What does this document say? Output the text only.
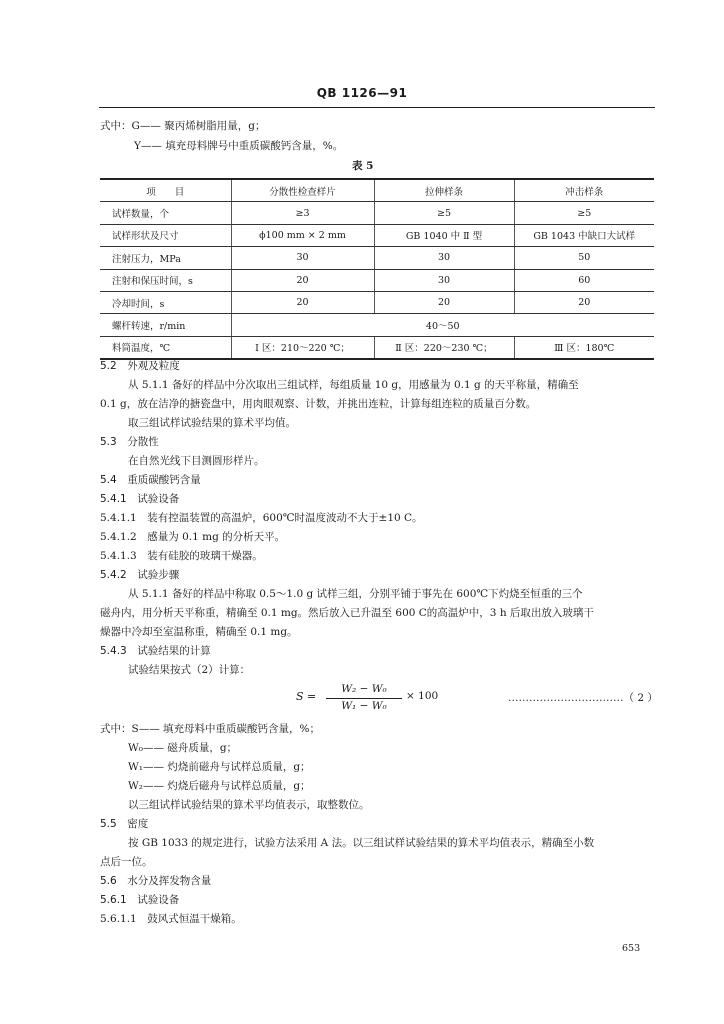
QB 1126—91
式中：G—— 聚丙烯树脂用量，g；
Y—— 填充母料牌号中重质碳酸钙含量，%。
表 5
项　　目	分散性检查样片	拉伸样条	冲击样条
试样数量，个	≥3	≥5	≥5
试样形状及尺寸	ϕ100 mm × 2 mm	GB 1040 中 Ⅱ 型	GB 1043 中缺口大试样
注射压力，MPa	30	30	50
注射和保压时间，s	20	30	60
冷却时间，s	20	20	20
螺杆转速，r/min	40～50		
料筒温度，℃	Ⅰ 区：210～220 ℃；	Ⅱ 区：220～230 ℃；	Ⅲ 区：180℃
5.2　外观及粒度
从 5.1.1 备好的样品中分次取出三组试样，每组质量 10 g，用感量为 0.1 g 的天平称量，精确至
0.1 g，放在洁净的搪瓷盘中，用肉眼观察、计数，并挑出连粒，计算每组连粒的质量百分数。
取三组试样试验结果的算术平均值。
5.3　分散性
在自然光线下目测圆形样片。
5.4　重质碳酸钙含量
5.4.1　试验设备
5.4.1.1　装有控温装置的高温炉，600℃时温度波动不大于±10 C。
5.4.1.2　感量为 0.1 mg 的分析天平。
5.4.1.3　装有硅胶的玻璃干燥器。
5.4.2　试验步骤
从 5.1.1 备好的样品中称取 0.5～1.0 g 试样三组，分别平铺于事先在 600℃下灼烧至恒重的三个
磁舟内，用分析天平称重，精确至 0.1 mg。然后放入已升温至 600 C的高温炉中，3 h 后取出放入玻璃干
燥器中冷却至室温称重，精确至 0.1 mg。
5.4.3　试验结果的计算
试验结果按式（2）计算：
S =
W₂ − W₀
W₁ − W₀
× 100	……………………………（ 2 ）
式中：S—— 填充母料中重质碳酸钙含量，%；
W₀—— 磁舟质量，g；
W₁—— 灼烧前磁舟与试样总质量，g；
W₂—— 灼烧后磁舟与试样总质量，g；
以三组试样试验结果的算术平均值表示，取整数位。
5.5　密度
按 GB 1033 的规定进行，试验方法采用 A 法。以三组试样试验结果的算术平均值表示，精确至小数
点后一位。
5.6　水分及挥发物含量
5.6.1　试验设备
5.6.1.1　鼓风式恒温干燥箱。
653
